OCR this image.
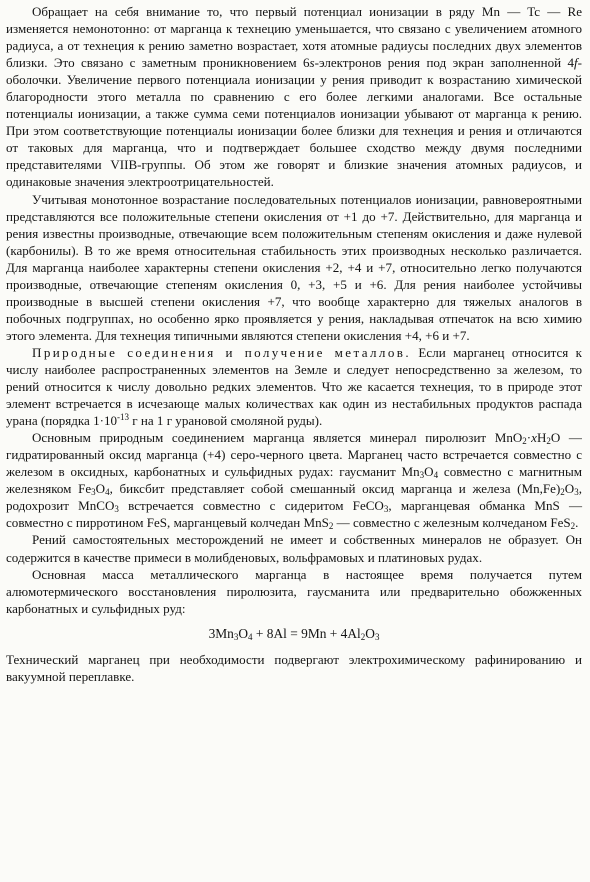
Обращает на себя внимание то, что первый потенциал ионизации в ряду Mn — Tc — Re изменяется немонотонно: от марганца к технецию уменьшается, что связано с увеличением атомного радиуса, а от технеция к рению заметно возрастает, хотя атомные радиусы последних двух элементов близки. Это связано с заметным проникновением 6s-электронов рения под экран заполненной 4f-оболочки. Увеличение первого потенциала ионизации у рения приводит к возрастанию химической благородности этого металла по сравнению с его более легкими аналогами. Все остальные потенциалы ионизации, а также сумма семи потенциалов ионизации убывают от марганца к рению. При этом соответствующие потенциалы ионизации более близки для технеция и рения и отличаются от таковых для марганца, что и подтверждает большее сходство между двумя последними представителями VIIB-группы. Об этом же говорят и близкие значения атомных радиусов, и одинаковые значения электроотрицательностей.

Учитывая монотонное возрастание последовательных потенциалов ионизации, равновероятными представляются все положительные степени окисления от +1 до +7. Действительно, для марганца и рения известны производные, отвечающие всем положительным степеням окисления и даже нулевой (карбонилы). В то же время относительная стабильность этих производных несколько различается. Для марганца наиболее характерны степени окисления +2, +4 и +7, относительно легко получаются производные, отвечающие степеням окисления 0, +3, +5 и +6. Для рения наиболее устойчивы производные в высшей степени окисления +7, что вообще характерно для тяжелых аналогов в побочных подгруппах, но особенно ярко проявляется у рения, накладывая отпечаток на всю химию этого элемента. Для технеция типичными являются степени окисления +4, +6 и +7.

Природные соединения и получение металлов. Если марганец относится к числу наиболее распространенных элементов на Земле и следует непосредственно за железом, то рений относится к числу довольно редких элементов. Что же касается технеция, то в природе этот элемент встречается в исчезающе малых количествах как один из нестабильных продуктов распада урана (порядка $1\cdot 10^{-13}$ г на 1 г урановой смоляной руды).

Основным природным соединением марганца является минерал пиролюзит $MnO_2\cdot xH_2O$ — гидратированный оксид марганца (+4) серо-черного цвета. Марганец часто встречается совместно с железом в оксидных, карбонатных и сульфидных рудах: гаусманит $Mn_3O_4$ совместно с магнитным железняком $Fe_3O_4$, биксбит представляет собой смешанный оксид марганца и железа $(Mn,Fe)_2O_3$, родохрозит MnCO$_3$ встречается совместно с сидеритом FeCO$_3$, марганцевая обманка MnS — совместно с пирротином FeS, марганцевый колчедан MnS$_2$ — совместно с железным колчеданом FeS$_2$.

Рений самостоятельных месторождений не имеет и собственных минералов не образует. Он содержится в качестве примеси в молибденовых, вольфрамовых и платиновых рудах.

Основная масса металлического марганца в настоящее время получается путем алюмотермического восстановления пиролюзита, гаусманита или предварительно обожженных карбонатных и сульфидных руд:

$3Mn_3O_4 + 8Al = 9Mn + 4Al_2O_3$

Технический марганец при необходимости подвергают электрохимическому рафинированию и вакуумной переплавке.
